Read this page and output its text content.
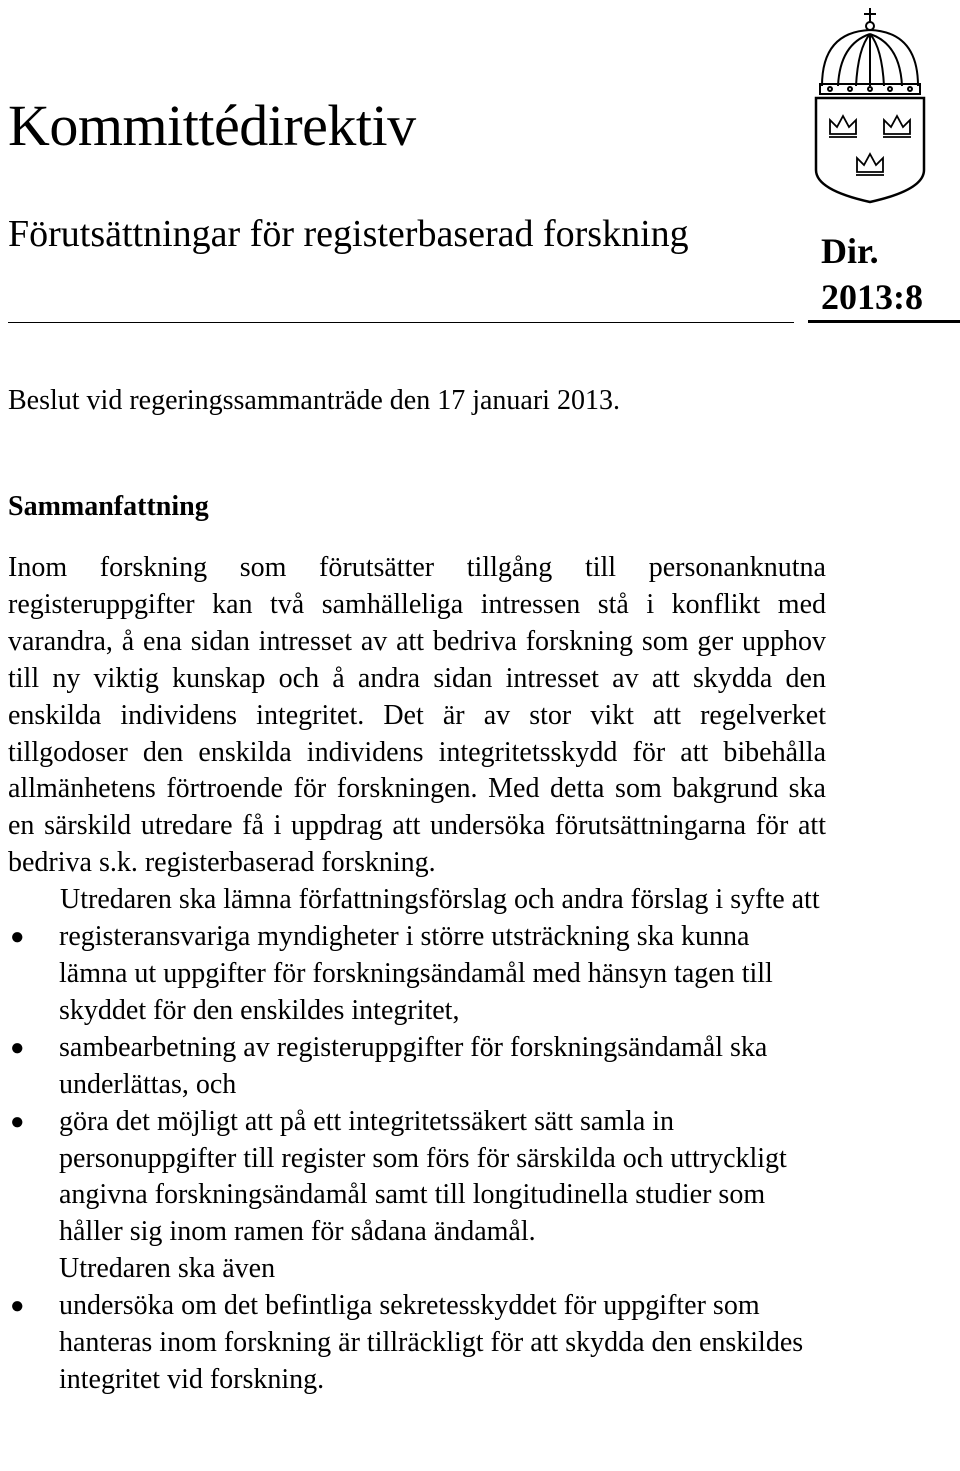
Kommittédirektiv
Förutsättningar för registerbaserad forskning	Dir.
2013:8
Beslut vid regeringssammanträde den 17 januari 2013.
Sammanfattning

Inom forskning som förutsätter tillgång till personanknutna registeruppgifter kan två samhälleliga intressen stå i konflikt med varandra, å ena sidan intresset av att bedriva forskning som ger upphov till ny viktig kunskap och å andra sidan intresset av att skydda den enskilda individens integritet. Det är av stor vikt att regelverket tillgodoser den enskilda individens integritetsskydd för att bibehålla allmänhetens förtroende för forskningen. Med detta som bakgrund ska en särskild utredare få i uppdrag att undersöka förutsättningarna för att bedriva s.k. registerbaserad forskning.

Utredaren ska lämna författningsförslag och andra förslag i syfte att

● registeransvariga myndigheter i större utsträckning ska kunna lämna ut uppgifter för forskningsändamål med hänsyn tagen till skyddet för den enskildes integritet,
● sambearbetning av registeruppgifter för forskningsändamål ska underlättas, och
● göra det möjligt att på ett integritetssäkert sätt samla in personuppgifter till register som förs för särskilda och uttryckligt angivna forskningsändamål samt till longitudinella studier som håller sig inom ramen för sådana ändamål.

Utredaren ska även

● undersöka om det befintliga sekretesskyddet för uppgifter som hanteras inom forskning är tillräckligt för att skydda den enskildes integritet vid forskning.
